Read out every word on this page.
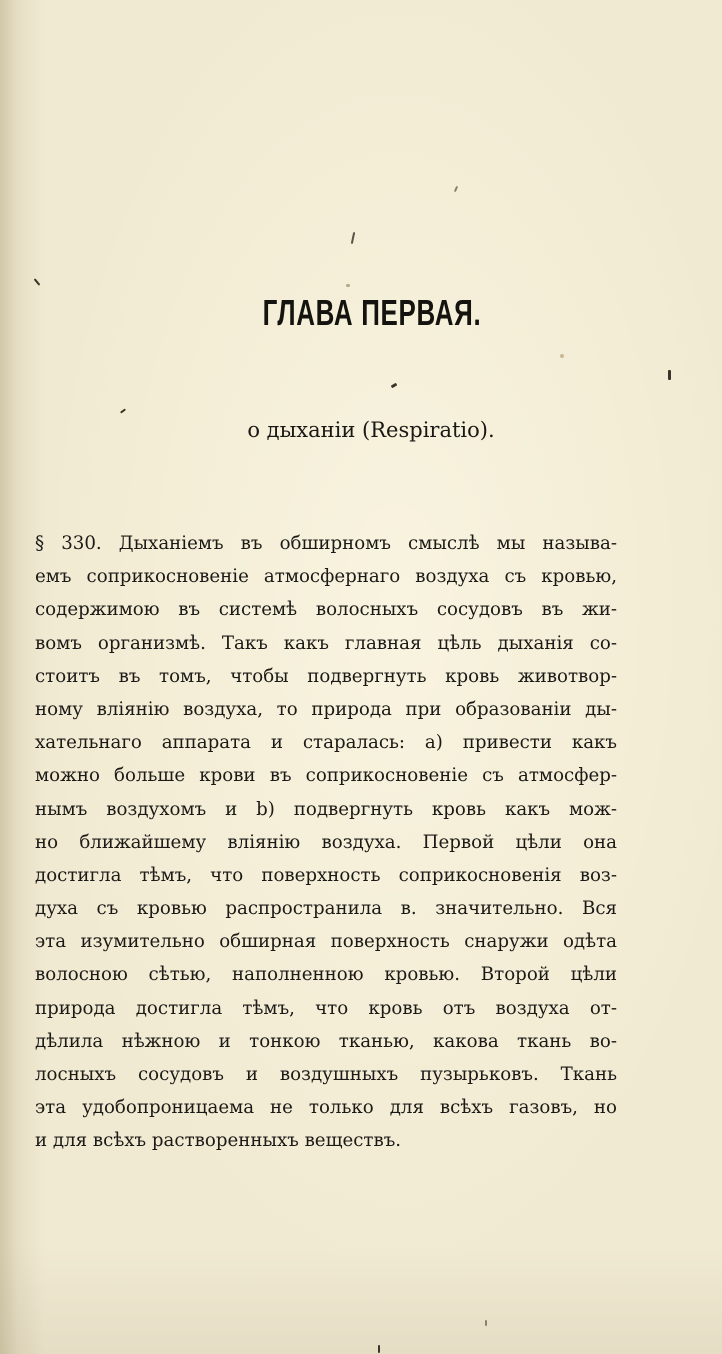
ГЛАВА ПЕРВАЯ.
о дыханіи (Respiratio).
§ 330. Дыханіемъ въ обширномъ смыслѣ мы называ-
емъ соприкосновеніе атмосфернаго воздуха съ кровью,
содержимою въ системѣ волосныхъ сосудовъ въ жи-
вомъ организмѣ. Такъ какъ главная цѣль дыханія со-
стоитъ въ томъ, чтобы подвергнуть кровь животвор-
ному вліянію воздуха, то природа при образованіи ды-
хательнаго аппарата и старалась: а) привести какъ
можно больше крови въ соприкосновеніе съ атмосфер-
нымъ воздухомъ и b) подвергнуть кровь какъ мож-
но ближайшему вліянію воздуха. Первой цѣли она
достигла тѣмъ, что поверхность соприкосновенія воз-
духа съ кровью распространила в. значительно. Вся
эта изумительно обширная поверхность снаружи одѣта
волосною сѣтью, наполненною кровью. Второй цѣли
природа достигла тѣмъ, что кровь отъ воздуха от-
дѣлила нѣжною и тонкою тканью, какова ткань во-
лосныхъ сосудовъ и воздушныхъ пузырьковъ. Ткань
эта удобопроницаема не только для всѣхъ газовъ, но
и для всѣхъ растворенныхъ веществъ.
